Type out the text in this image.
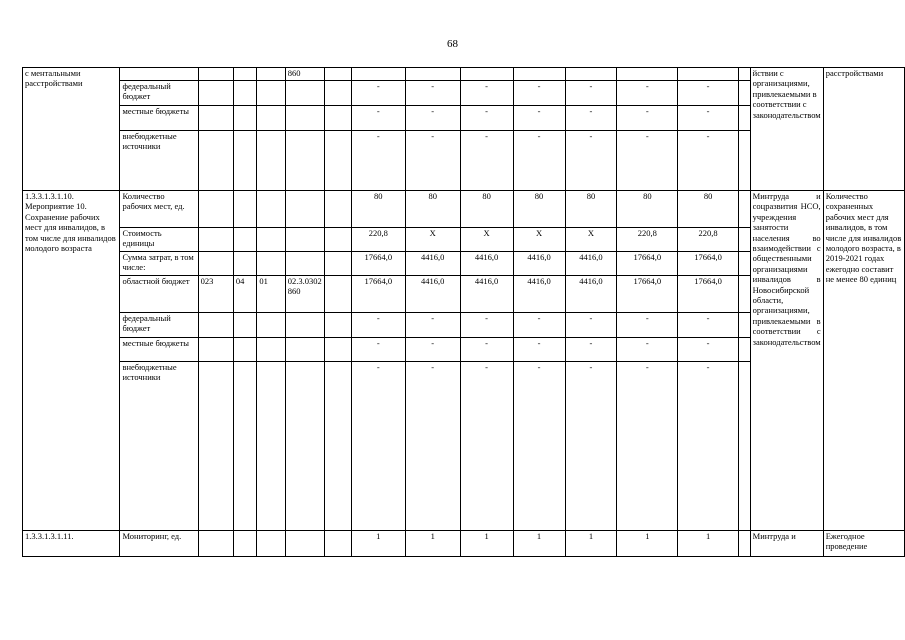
68
с ментальными расстройствами					860										йствии с организациями, привлекаемыми в соответствии с законодательством	расстройствами
	федеральный бюджет						-	-	-	-	-	-	-			
	местные бюджеты						-	-	-	-	-	-	-			
	внебюджетные источники						-	-	-	-	-	-	-			
1.3.3.1.3.1.10. Мероприятие 10. Сохранение рабочих мест для инвалидов, в том числе для инвалидов молодого возраста	Количество рабочих мест, ед.						80	80	80	80	80	80	80		Минтруда и соцразвития НСО, учреждения занятости населения во взаимодействии с общественными организациями инвалидов в Новосибирской области, организациями, привлекаемыми в соответствии с законодательством	Количество сохраненных рабочих мест для инвалидов, в том числе для инвалидов молодого возраста, в 2019-2021 годах ежегодно составит не менее 80 единиц
	Стоимость единицы						220,8	X	X	X	X	220,8	220,8			
	Сумма затрат, в том числе:						17664,0	4416,0	4416,0	4416,0	4416,0	17664,0	17664,0			
	областной бюджет	023	04	01	02.3.0302 860		17664,0	4416,0	4416,0	4416,0	4416,0	17664,0	17664,0			
	федеральный бюджет						-	-	-	-	-	-	-			
	местные бюджеты						-	-	-	-	-	-	-			
	внебюджетные источники						-	-	-	-	-	-	-			
1.3.3.1.3.1.11.	Мониторинг, ед.						1	1	1	1	1	1	1		Минтруда и	Ежегодное проведение
